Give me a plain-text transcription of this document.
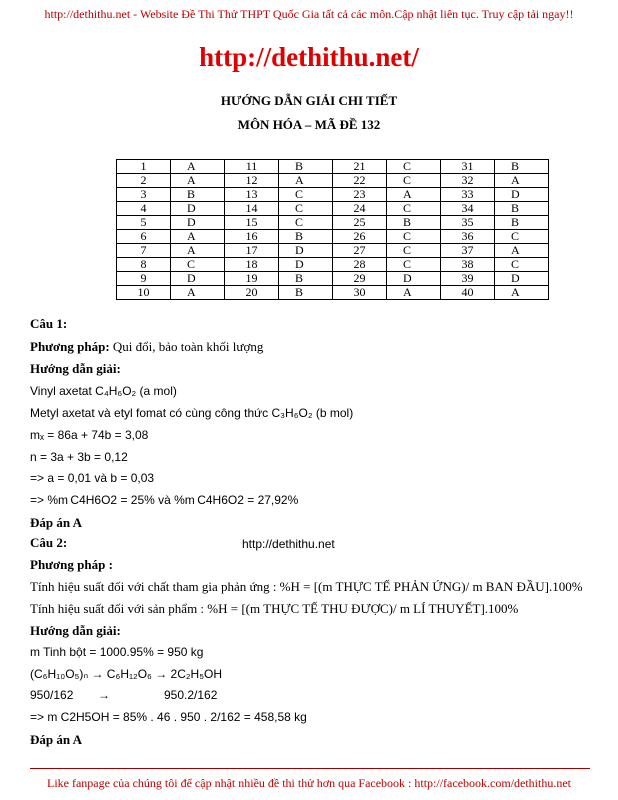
http://dethithu.net - Website Đề Thi Thử THPT Quốc Gia tất cả các môn.Cập nhật liên tục. Truy cập tải ngay!!
http://dethithu.net/
HƯỚNG DẪN GIẢI CHI TIẾT
MÔN HÓA – MÃ ĐỀ 132
1	A	11	B	21	C	31	B
2	A	12	A	22	C	32	A
3	B	13	C	23	A	33	D
4	D	14	C	24	C	34	B
5	D	15	C	25	B	35	B
6	A	16	B	26	C	36	C
7	A	17	D	27	C	37	A
8	C	18	D	28	C	38	C
9	D	19	B	29	D	39	D
10	A	20	B	30	A	40	A
Câu 1:
Phương pháp: Qui đổi, bảo toàn khối lượng
Hướng dẫn giải:
Vinyl axetat C₄H₆O₂ (a mol)
Metyl axetat và etyl fomat có cùng công thức C₃H₆O₂ (b mol)
mₓ = 86a + 74b = 3,08
n = 3a + 3b = 0,12
=> a = 0,01 và b = 0,03
=> %m C4H6O2 = 25% và %m C4H6O2 = 27,92%
Đáp án A
Câu 2:	http://dethithu.net
Phương pháp :
Tính hiệu suất đối với chất tham gia phản ứng : %H = [(m THỰC TẾ PHẢN ỨNG)/ m BAN ĐẦU].100%
Tính hiệu suất đối với sản phẩm : %H = [(m THỰC TẾ THU ĐƯỢC)/ m LÍ THUYẾT].100%
Hướng dẫn giải:
m Tinh bột = 1000.95% = 950 kg
(C₆H₁₀O₅)ₙ → C₆H₁₂O₆ → 2C₂H₅OH
950/162 →	950.2/162
=> m C2H5OH = 85% . 46 . 950 . 2/162 = 458,58 kg
Đáp án A
Like fanpage của chúng tôi để cập nhật nhiều đề thi thử hơn qua Facebook : http://facebook.com/dethithu.net
